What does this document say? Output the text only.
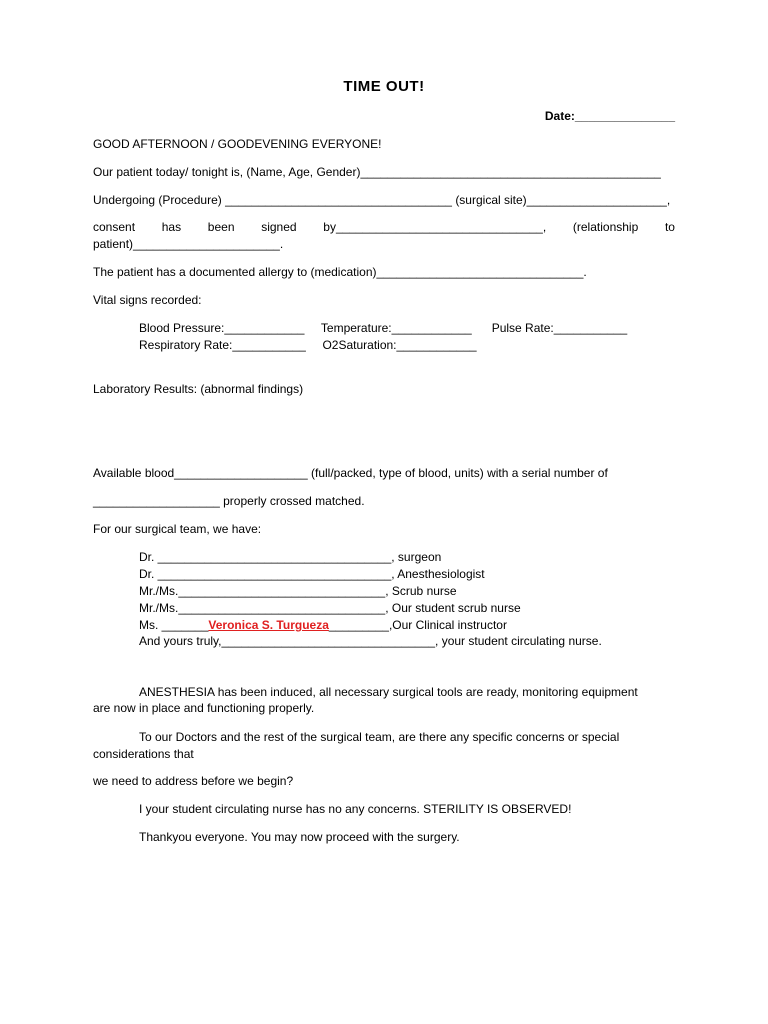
TIME OUT!
Date:_______________
GOOD AFTERNOON / GOODEVENING EVERYONE!
Our patient today/ tonight is, (Name, Age, Gender)_____________________________________________
Undergoing (Procedure) __________________________________ (surgical site)_____________________,
consent has been signed by_______________________________, (relationship to
patient)______________________.
The patient has a documented allergy to (medication)_______________________________.
Vital signs recorded:
Blood Pressure:____________     Temperature:____________      Pulse Rate:___________
Respiratory Rate:___________     O2Saturation:____________
Laboratory Results: (abnormal findings)
Available blood____________________ (full/packed, type of blood, units) with a serial number of
___________________ properly crossed matched.
For our surgical team, we have:
Dr. ___________________________________, surgeon
Dr. ___________________________________, Anesthesiologist
Mr./Ms._______________________________, Scrub nurse
Mr./Ms._______________________________, Our student scrub nurse
Ms. _______Veronica S. Turgueza_________,Our Clinical instructor
And yours truly,________________________________, your student circulating nurse.
ANESTHESIA has been induced, all necessary surgical tools are ready, monitoring equipment
are now in place and functioning properly.
To our Doctors and the rest of the surgical team, are there any specific concerns or special
considerations that
we need to address before we begin?
I your student circulating nurse has no any concerns. STERILITY IS OBSERVED!
Thankyou everyone. You may now proceed with the surgery.
